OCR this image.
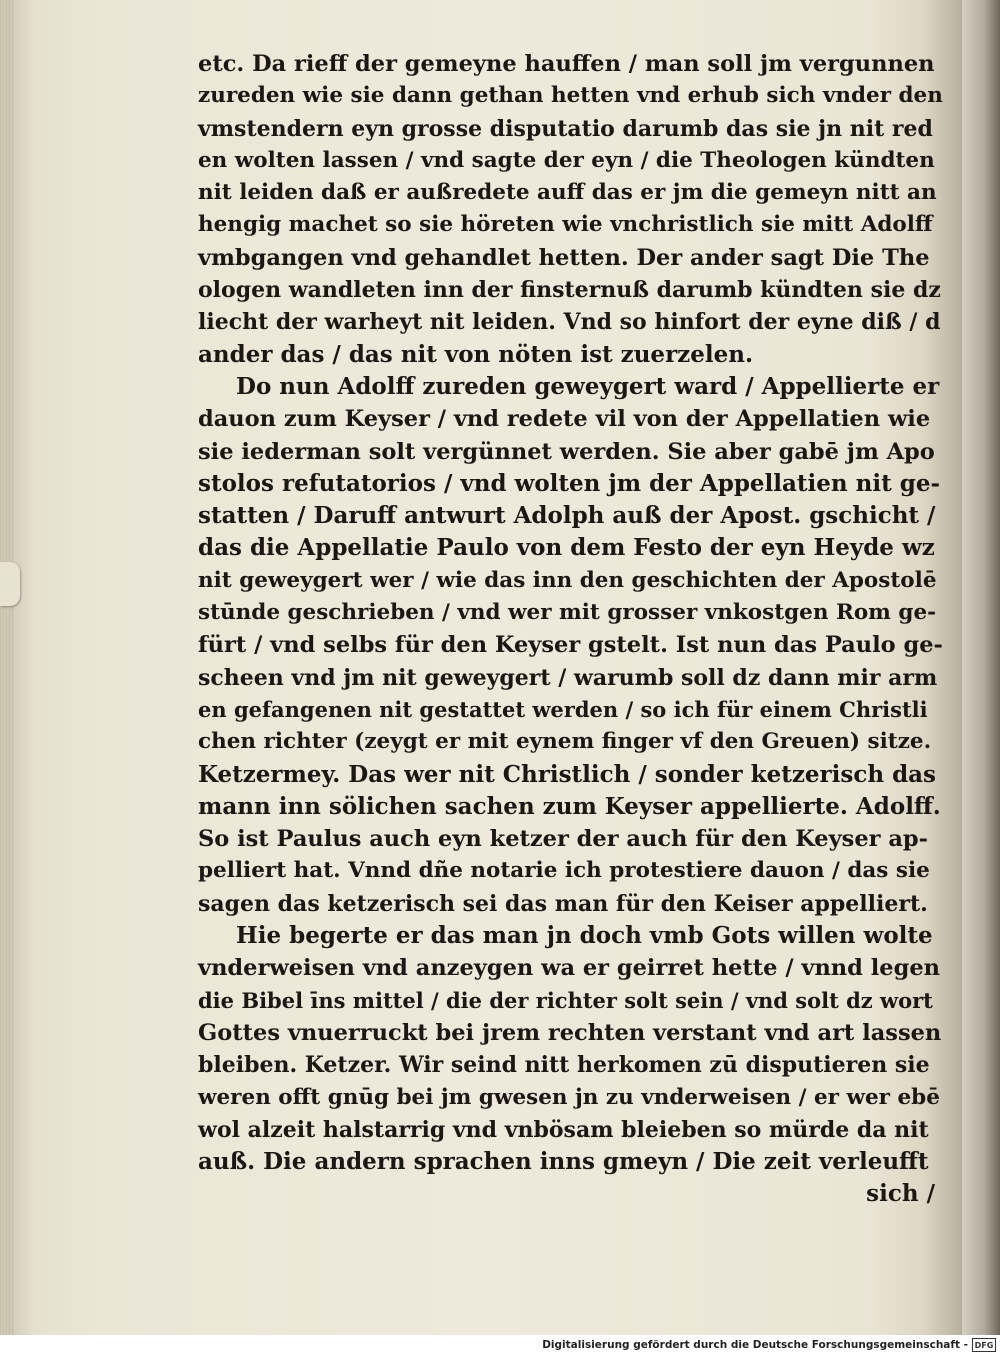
etc. Da rieff der gemeyne hauffen / man soll jm vergunnen
zureden wie sie dann gethan hetten vnd erhub sich vnder den
vmstendern eyn grosse disputatio darumb das sie jn nit red
en wolten lassen / vnd sagte der eyn / die Theologen kündten
nit leiden daß er außredete auff das er jm die gemeyn nitt an
hengig machet so sie höreten wie vnchristlich sie mitt Adolff
vmbgangen vnd gehandlet hetten. Der ander sagt Die The
ologen wandleten inn der finsternuß darumb kündten sie dz
liecht der warheyt nit leiden. Vnd so hinfort der eyne diß / d
ander das / das nit von nöten ist zuerzelen.
Do nun Adolff zureden geweygert ward / Appellierte er
dauon zum Keyser / vnd redete vil von der Appellatien wie
sie iederman solt vergünnet werden. Sie aber gabē jm Apo
stolos refutatorios / vnd wolten jm der Appellatien nit ge-
statten / Daruff antwurt Adolph auß der Apost. gschicht /
das die Appellatie Paulo von dem Festo der eyn Heyde wz
nit geweygert wer / wie das inn den geschichten der Apostolē
stūnde geschrieben / vnd wer mit grosser vnkostgen Rom ge-
fürt / vnd selbs für den Keyser gstelt. Ist nun das Paulo ge-
scheen vnd jm nit geweygert / warumb soll dz dann mir arm
en gefangenen nit gestattet werden / so ich für einem Christli
chen richter (zeygt er mit eynem finger vf den Greuen) sitze.
Ketzermey. Das wer nit Christlich / sonder ketzerisch das
mann inn sölichen sachen zum Keyser appellierte. Adolff.
So ist Paulus auch eyn ketzer der auch für den Keyser ap-
pelliert hat. Vnnd dñe notarie ich protestiere dauon / das sie
sagen das ketzerisch sei das man für den Keiser appelliert.
Hie begerte er das man jn doch vmb Gots willen wolte
vnderweisen vnd anzeygen wa er geirret hette / vnnd legen
die Bibel īns mittel / die der richter solt sein / vnd solt dz wort
Gottes vnuerruckt bei jrem rechten verstant vnd art lassen
bleiben. Ketzer. Wir seind nitt herkomen zū disputieren sie
weren offt gnūg bei jm gwesen jn zu vnderweisen / er wer ebē
wol alzeit halstarrig vnd vnbösam bleieben so mürde da nit
auß. Die andern sprachen inns gmeyn / Die zeit verleufft
sich /
Digitalisierung gefördert durch die Deutsche Forschungsgemeinschaft - DFG
